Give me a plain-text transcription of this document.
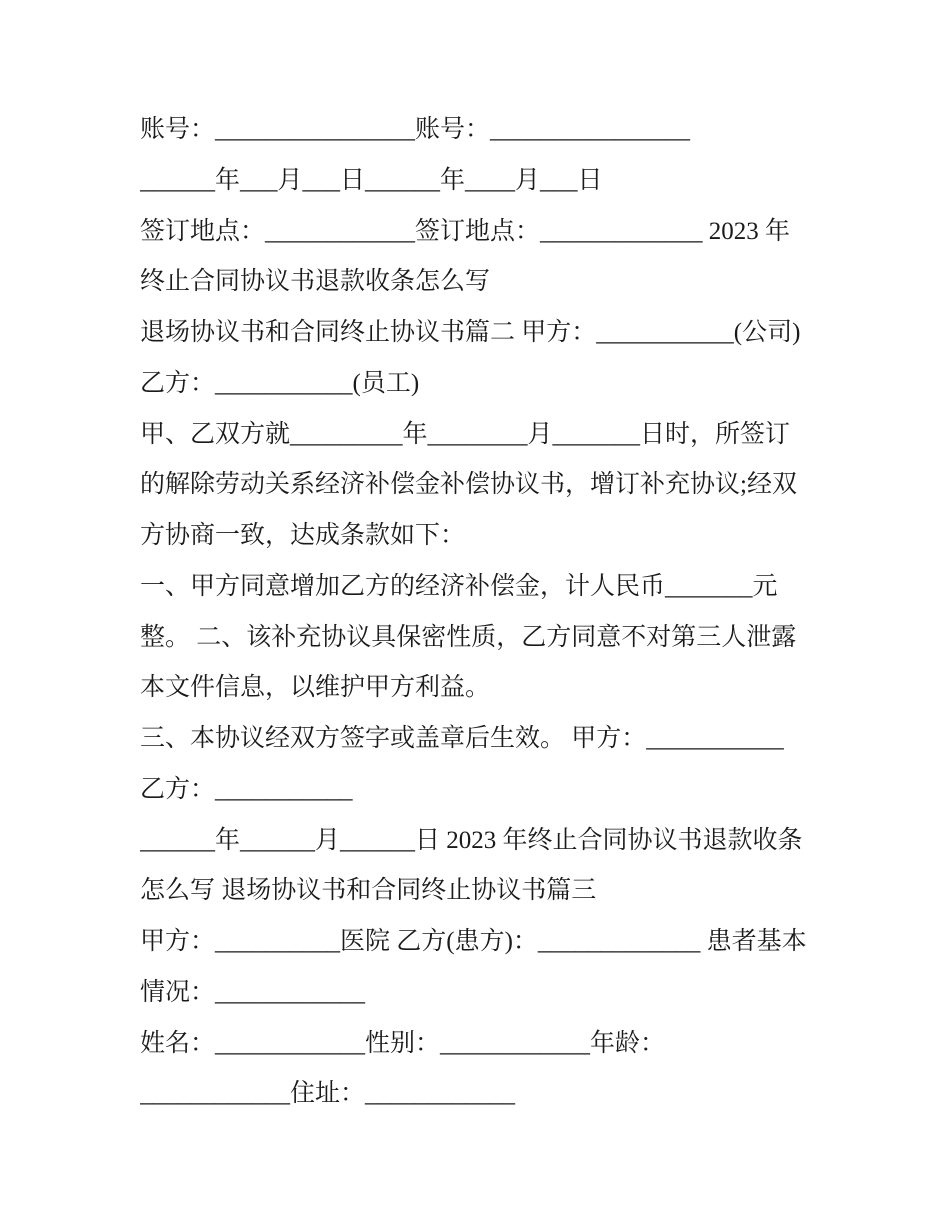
账号：________________账号：________________
______年___月___日______年____月___日
签订地点：____________签订地点：_____________ 2023 年
终止合同协议书退款收条怎么写
退场协议书和合同终止协议书篇二 甲方：___________(公司)
乙方：___________(员工)
甲、乙双方就_________年________月_______日时，所签订
的解除劳动关系经济补偿金补偿协议书，增订补充协议;经双
方协商一致，达成条款如下：
一、甲方同意增加乙方的经济补偿金，计人民币_______元
整。 二、该补充协议具保密性质，乙方同意不对第三人泄露
本文件信息，以维护甲方利益。
三、本协议经双方签字或盖章后生效。 甲方：___________
乙方：___________
______年______月______日 2023 年终止合同协议书退款收条
怎么写 退场协议书和合同终止协议书篇三
甲方：__________医院 乙方(患方)：_____________ 患者基本
情况：____________
姓名：____________性别：____________年龄：
____________住址：____________
